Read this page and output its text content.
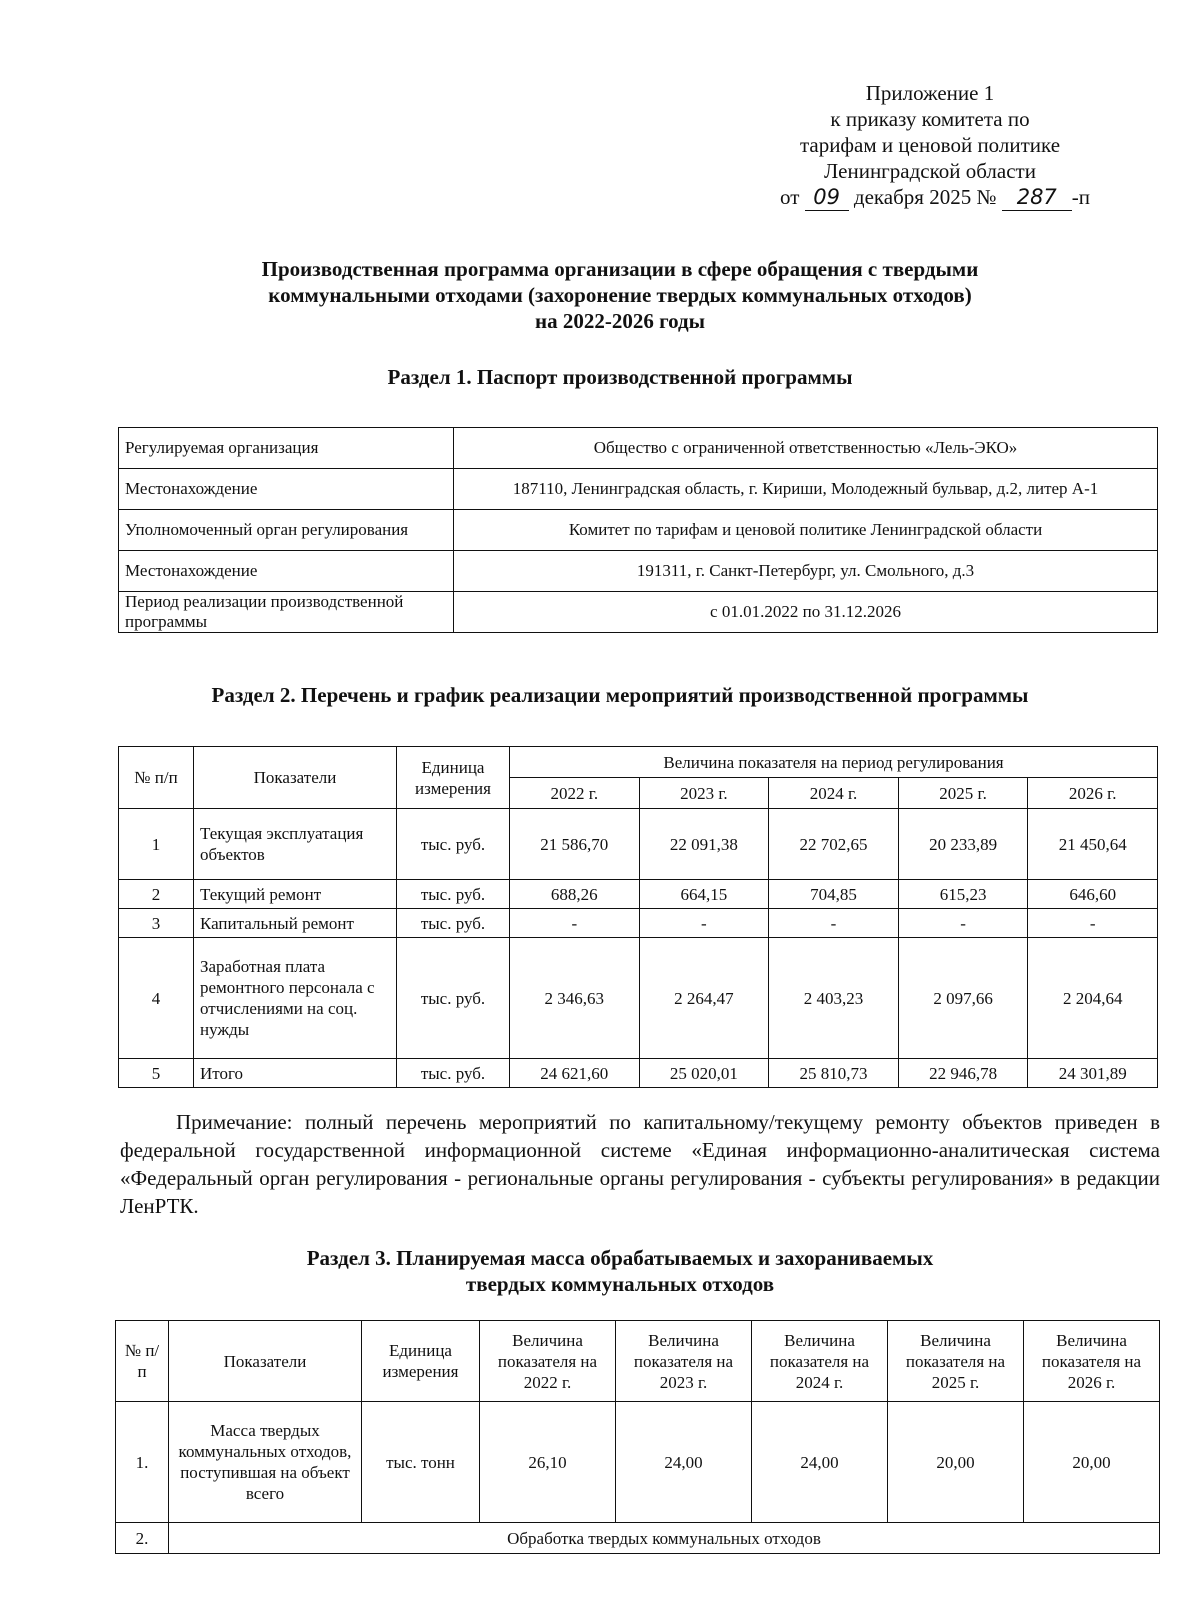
Приложение 1
к приказу комитета по
тарифам и ценовой политике
Ленинградской области
от 09 декабря 2025 № 287 -п
Производственная программа организации в сфере обращения с твердыми
коммунальными отходами (захоронение твердых коммунальных отходов)
на 2022-2026 годы
Раздел 1. Паспорт производственной программы
Регулируемая организация	Общество с ограниченной ответственностью «Лель-ЭКО»
Местонахождение	187110, Ленинградская область, г. Кириши, Молодежный бульвар, д.2, литер А-1
Уполномоченный орган регулирования	Комитет по тарифам и ценовой политике Ленинградской области
Местонахождение	191311, г. Санкт-Петербург, ул. Смольного, д.3
Период реализации производственной программы	с 01.01.2022 по 31.12.2026
Раздел 2. Перечень и график реализации мероприятий производственной программы
№ п/п	Показатели	Единица измерения	Величина показателя на период регулирования				
			2022 г.	2023 г.	2024 г.	2025 г.	2026 г.
1	Текущая эксплуатация объектов	тыс. руб.	21 586,70	22 091,38	22 702,65	20 233,89	21 450,64
2	Текущий ремонт	тыс. руб.	688,26	664,15	704,85	615,23	646,60
3	Капитальный ремонт	тыс. руб.	-	-	-	-	-
4	Заработная плата ремонтного персонала с отчислениями на соц. нужды	тыс. руб.	2 346,63	2 264,47	2 403,23	2 097,66	2 204,64
5	Итого	тыс. руб.	24 621,60	25 020,01	25 810,73	22 946,78	24 301,89
Примечание: полный перечень мероприятий по капитальному/текущему ремонту объектов приведен в федеральной государственной информационной системе «Единая информационно-аналитическая система «Федеральный орган регулирования - региональные органы регулирования - субъекты регулирования» в редакции ЛенРТК.
Раздел 3. Планируемая масса обрабатываемых и захораниваемых
твердых коммунальных отходов
№ п/п	Показатели	Единица измерения	Величина показателя на 2022 г.	Величина показателя на 2023 г.	Величина показателя на 2024 г.	Величина показателя на 2025 г.	Величина показателя на 2026 г.
1.	Масса твердых коммунальных отходов, поступившая на объект всего	тыс. тонн	26,10	24,00	24,00	20,00	20,00
2.	Обработка твердых коммунальных отходов						
